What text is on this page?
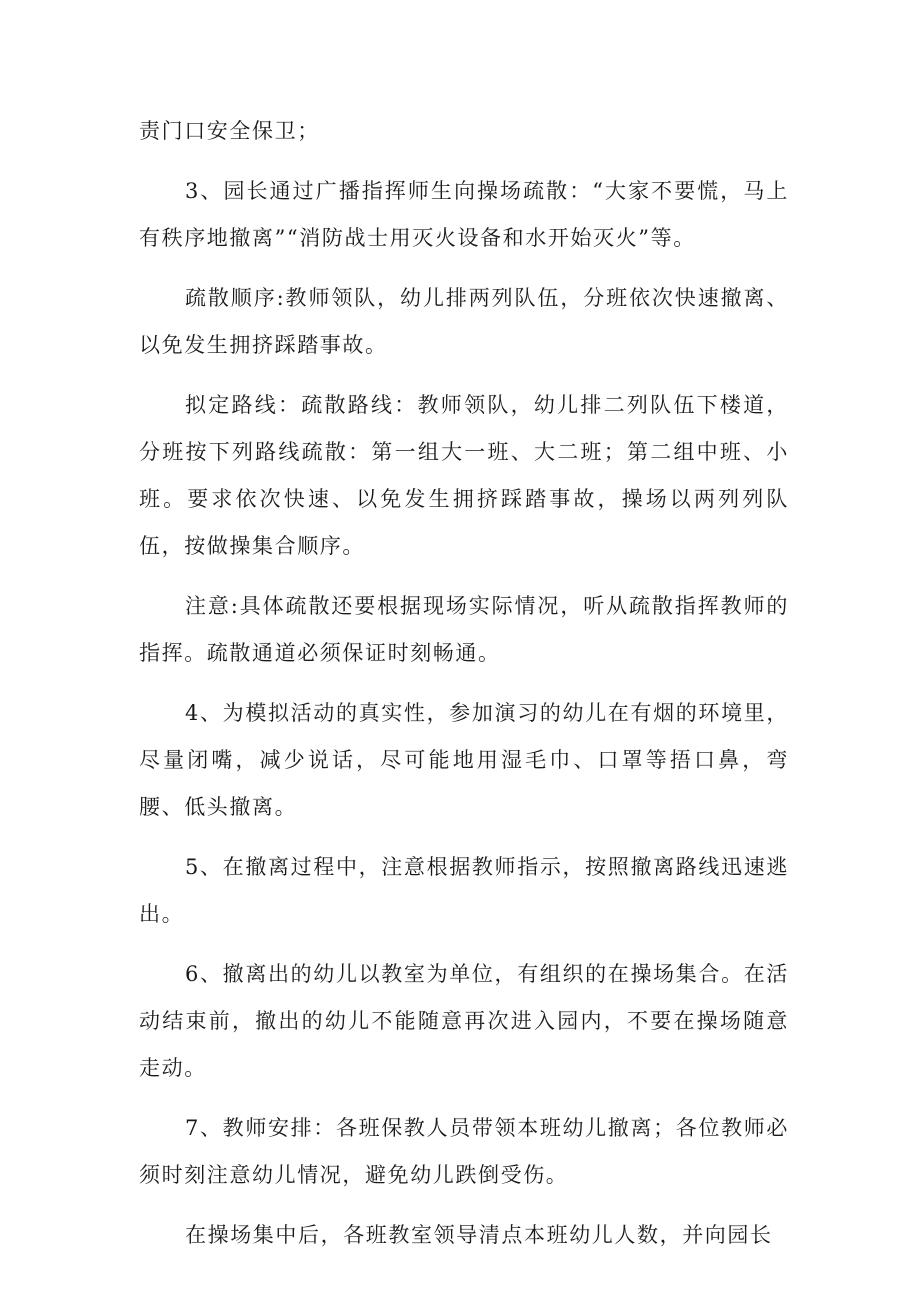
责门口安全保卫；

3、园长通过广播指挥师生向操场疏散：“大家不要慌，马上有秩序地撤离”“消防战士用灭火设备和水开始灭火”等。

疏散顺序:教师领队，幼儿排两列队伍，分班依次快速撤离、以免发生拥挤踩踏事故。

拟定路线：疏散路线：教师领队，幼儿排二列队伍下楼道，分班按下列路线疏散：第一组大一班、大二班；第二组中班、小班。要求依次快速、以免发生拥挤踩踏事故，操场以两列列队伍，按做操集合顺序。

注意:具体疏散还要根据现场实际情况，听从疏散指挥教师的指挥。疏散通道必须保证时刻畅通。

4、为模拟活动的真实性，参加演习的幼儿在有烟的环境里，尽量闭嘴，减少说话，尽可能地用湿毛巾、口罩等捂口鼻，弯腰、低头撤离。

5、在撤离过程中，注意根据教师指示，按照撤离路线迅速逃出。

6、撤离出的幼儿以教室为单位，有组织的在操场集合。在活动结束前，撤出的幼儿不能随意再次进入园内，不要在操场随意走动。

7、教师安排：各班保教人员带领本班幼儿撤离；各位教师必须时刻注意幼儿情况，避免幼儿跌倒受伤。

在操场集中后，各班教室领导清点本班幼儿人数，并向园长
